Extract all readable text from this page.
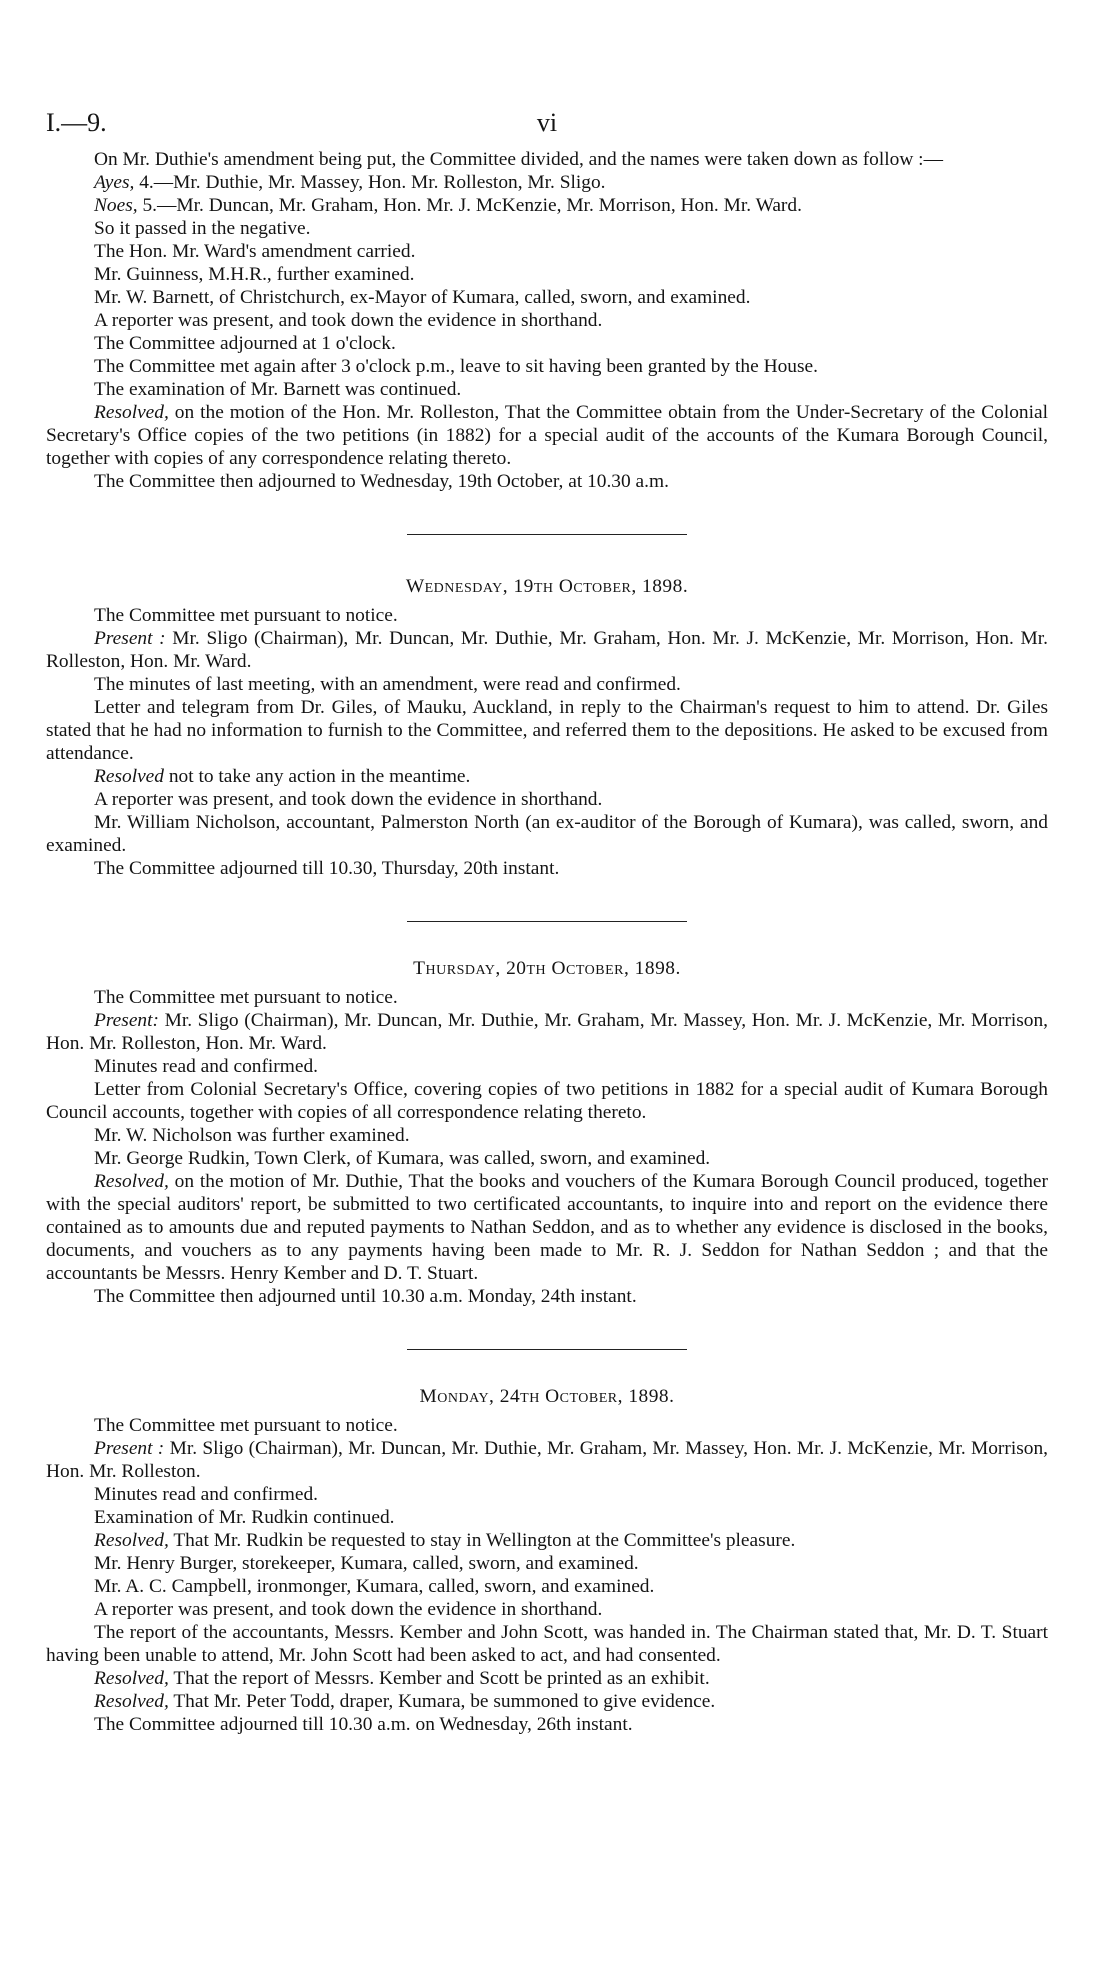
I.—9.	vi

On Mr. Duthie's amendment being put, the Committee divided, and the names were taken down as follow :—

Ayes, 4.—Mr. Duthie, Mr. Massey, Hon. Mr. Rolleston, Mr. Sligo.

Noes, 5.—Mr. Duncan, Mr. Graham, Hon. Mr. J. McKenzie, Mr. Morrison, Hon. Mr. Ward.

So it passed in the negative.

The Hon. Mr. Ward's amendment carried.

Mr. Guinness, M.H.R., further examined.

Mr. W. Barnett, of Christchurch, ex-Mayor of Kumara, called, sworn, and examined.

A reporter was present, and took down the evidence in shorthand.

The Committee adjourned at 1 o'clock.

The Committee met again after 3 o'clock p.m., leave to sit having been granted by the House.

The examination of Mr. Barnett was continued.

Resolved, on the motion of the Hon. Mr. Rolleston, That the Committee obtain from the Under-Secretary of the Colonial Secretary's Office copies of the two petitions (in 1882) for a special audit of the accounts of the Kumara Borough Council, together with copies of any correspondence relating thereto.

The Committee then adjourned to Wednesday, 19th October, at 10.30 a.m.

Wednesday, 19th October, 1898.

The Committee met pursuant to notice.

Present : Mr. Sligo (Chairman), Mr. Duncan, Mr. Duthie, Mr. Graham, Hon. Mr. J. McKenzie, Mr. Morrison, Hon. Mr. Rolleston, Hon. Mr. Ward.

The minutes of last meeting, with an amendment, were read and confirmed.

Letter and telegram from Dr. Giles, of Mauku, Auckland, in reply to the Chairman's request to him to attend. Dr. Giles stated that he had no information to furnish to the Committee, and referred them to the depositions. He asked to be excused from attendance.

Resolved not to take any action in the meantime.

A reporter was present, and took down the evidence in shorthand.

Mr. William Nicholson, accountant, Palmerston North (an ex-auditor of the Borough of Kumara), was called, sworn, and examined.

The Committee adjourned till 10.30, Thursday, 20th instant.

Thursday, 20th October, 1898.

The Committee met pursuant to notice.

Present: Mr. Sligo (Chairman), Mr. Duncan, Mr. Duthie, Mr. Graham, Mr. Massey, Hon. Mr. J. McKenzie, Mr. Morrison, Hon. Mr. Rolleston, Hon. Mr. Ward.

Minutes read and confirmed.

Letter from Colonial Secretary's Office, covering copies of two petitions in 1882 for a special audit of Kumara Borough Council accounts, together with copies of all correspondence relating thereto.

Mr. W. Nicholson was further examined.

Mr. George Rudkin, Town Clerk, of Kumara, was called, sworn, and examined.

Resolved, on the motion of Mr. Duthie, That the books and vouchers of the Kumara Borough Council produced, together with the special auditors' report, be submitted to two certificated accountants, to inquire into and report on the evidence there contained as to amounts due and reputed payments to Nathan Seddon, and as to whether any evidence is disclosed in the books, documents, and vouchers as to any payments having been made to Mr. R. J. Seddon for Nathan Seddon ; and that the accountants be Messrs. Henry Kember and D. T. Stuart.

The Committee then adjourned until 10.30 a.m. Monday, 24th instant.

Monday, 24th October, 1898.

The Committee met pursuant to notice.

Present : Mr. Sligo (Chairman), Mr. Duncan, Mr. Duthie, Mr. Graham, Mr. Massey, Hon. Mr. J. McKenzie, Mr. Morrison, Hon. Mr. Rolleston.

Minutes read and confirmed.

Examination of Mr. Rudkin continued.

Resolved, That Mr. Rudkin be requested to stay in Wellington at the Committee's pleasure.

Mr. Henry Burger, storekeeper, Kumara, called, sworn, and examined.

Mr. A. C. Campbell, ironmonger, Kumara, called, sworn, and examined.

A reporter was present, and took down the evidence in shorthand.

The report of the accountants, Messrs. Kember and John Scott, was handed in. The Chairman stated that, Mr. D. T. Stuart having been unable to attend, Mr. John Scott had been asked to act, and had consented.

Resolved, That the report of Messrs. Kember and Scott be printed as an exhibit.

Resolved, That Mr. Peter Todd, draper, Kumara, be summoned to give evidence.

The Committee adjourned till 10.30 a.m. on Wednesday, 26th instant.
